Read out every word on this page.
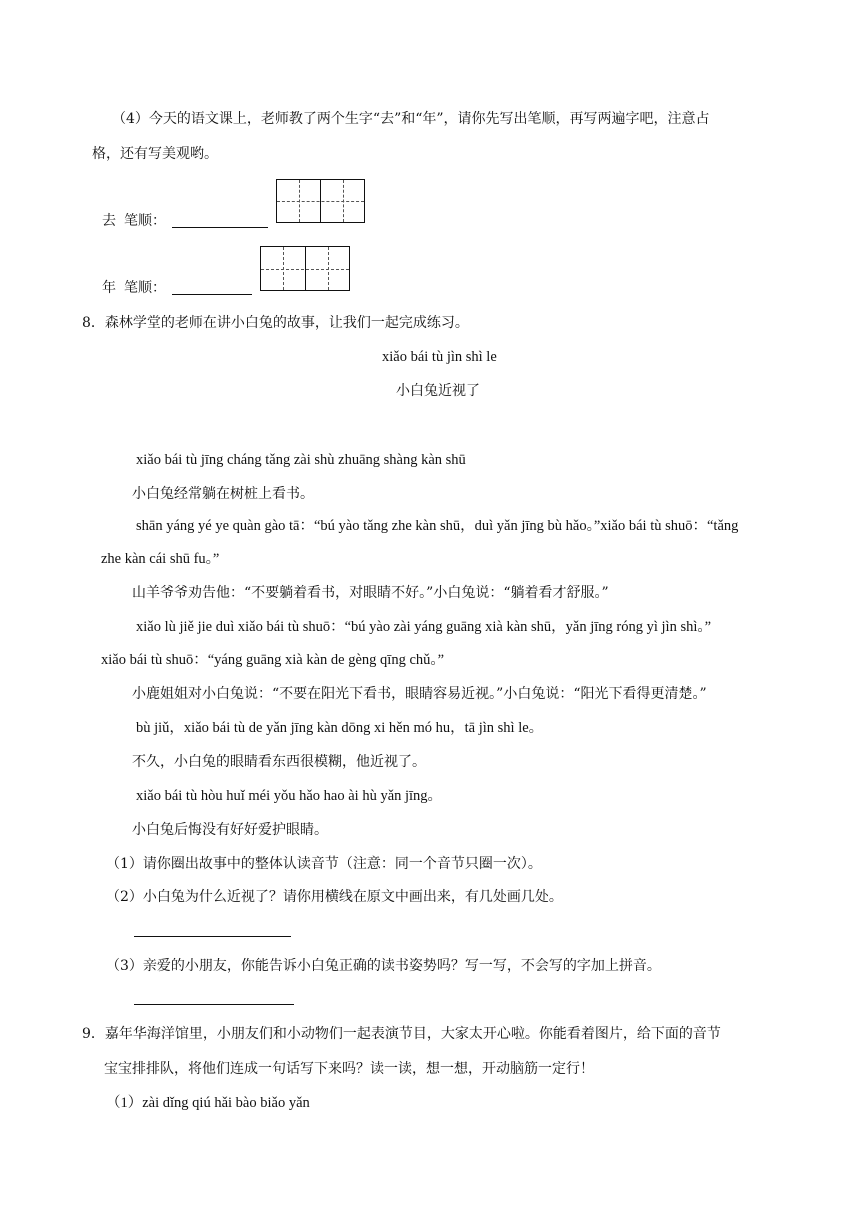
（4）今天的语文课上，老师教了两个生字“去”和“年”，请你先写出笔顺，再写两遍字吧，注意占
格，还有写美观哟。
去 笔顺：
年 笔顺：
8．森林学堂的老师在讲小白兔的故事，让我们一起完成练习。
xiǎo bái tù jìn shì le
小白兔近视了
xiǎo bái tù jīng cháng tǎng zài shù zhuāng shàng kàn shū
小白兔经常躺在树桩上看书。
shān yáng yé ye quàn gào tā：“bú yào tǎng zhe kàn shū，duì yǎn jīng bù hǎo。”xiǎo bái tù shuō：“tǎng
zhe kàn cái shū fu。”
山羊爷爷劝告他：“不要躺着看书，对眼睛不好。”小白兔说：“躺着看才舒服。”
xiǎo lù jiě jie duì xiǎo bái tù shuō：“bú yào zài yáng guāng xià kàn shū，yǎn jīng róng yì jìn shì。”
xiǎo bái tù shuō：“yáng guāng xià kàn de gèng qīng chǔ。”
小鹿姐姐对小白兔说：“不要在阳光下看书，眼睛容易近视。”小白兔说：“阳光下看得更清楚。”
bù jiǔ，xiǎo bái tù de yǎn jīng kàn dōng xi hěn mó hu，tā jìn shì le。
不久，小白兔的眼睛看东西很模糊，他近视了。
xiǎo bái tù hòu huǐ méi yǒu hǎo hao ài hù yǎn jīng。
小白兔后悔没有好好爱护眼睛。
（1）请你圈出故事中的整体认读音节（注意：同一个音节只圈一次）。
（2）小白兔为什么近视了？请你用横线在原文中画出来，有几处画几处。
（3）亲爱的小朋友，你能告诉小白兔正确的读书姿势吗？写一写，不会写的字加上拼音。
9．嘉年华海洋馆里，小朋友们和小动物们一起表演节目，大家太开心啦。你能看着图片，给下面的音节
宝宝排排队，将他们连成一句话写下来吗？读一读，想一想，开动脑筋一定行！
（1）zài dǐng qiú hǎi bào biǎo yǎn
